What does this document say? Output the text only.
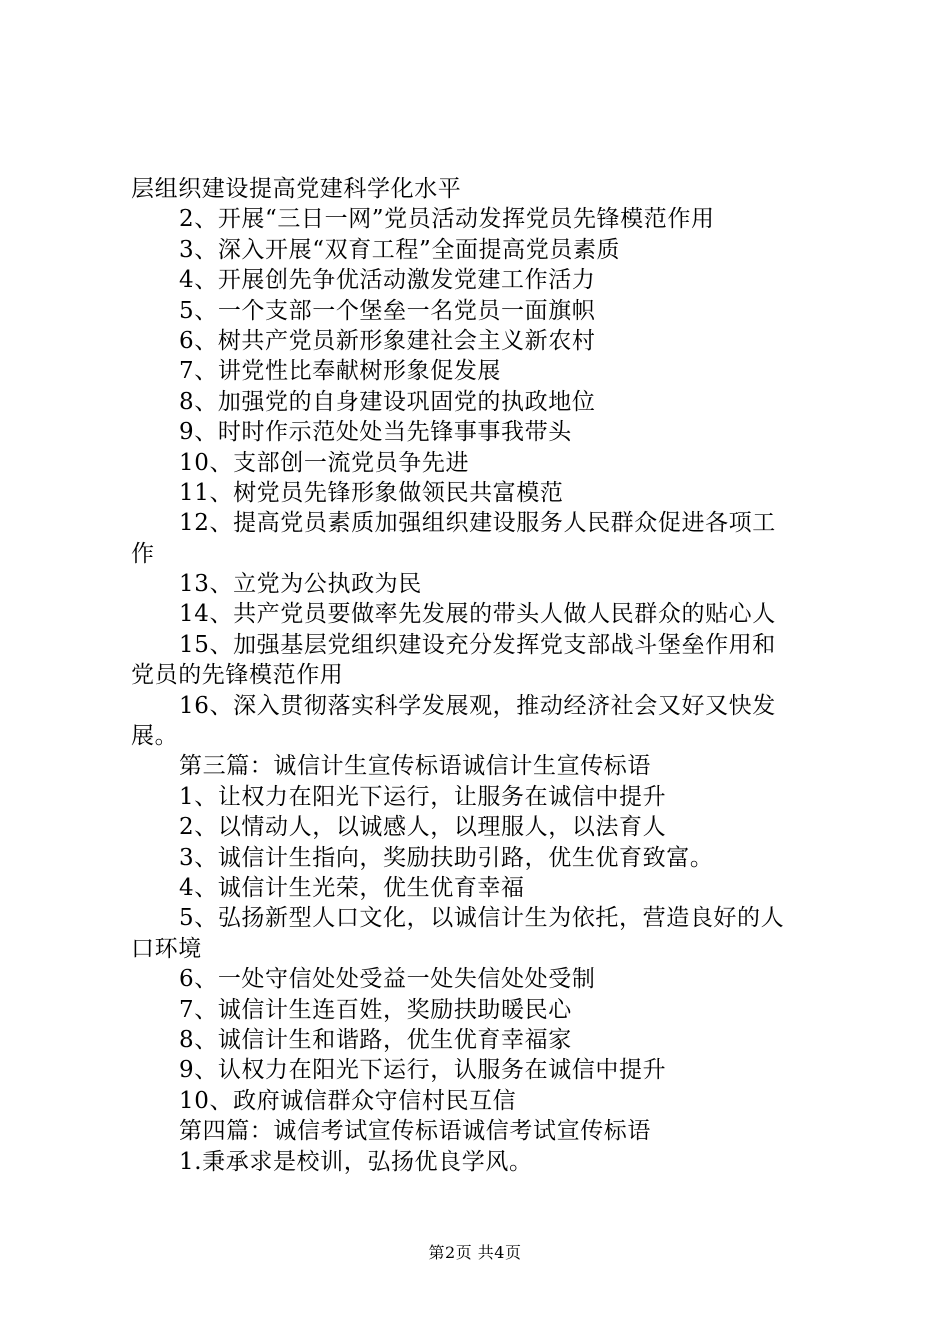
层组织建设提高党建科学化水平
2、开展“三日一网”党员活动发挥党员先锋模范作用
3、深入开展“双育工程”全面提高党员素质
4、开展创先争优活动激发党建工作活力
5、一个支部一个堡垒一名党员一面旗帜
6、树共产党员新形象建社会主义新农村
7、讲党性比奉献树形象促发展
8、加强党的自身建设巩固党的执政地位
9、时时作示范处处当先锋事事我带头
10、支部创一流党员争先进
11、树党员先锋形象做领民共富模范
12、提高党员素质加强组织建设服务人民群众促进各项工
作
13、立党为公执政为民
14、共产党员要做率先发展的带头人做人民群众的贴心人
15、加强基层党组织建设充分发挥党支部战斗堡垒作用和
党员的先锋模范作用
16、深入贯彻落实科学发展观，推动经济社会又好又快发
展。
第三篇：诚信计生宣传标语诚信计生宣传标语
1、让权力在阳光下运行，让服务在诚信中提升
2、以情动人，以诚感人，以理服人，以法育人
3、诚信计生指向，奖励扶助引路，优生优育致富。
4、诚信计生光荣，优生优育幸福
5、弘扬新型人口文化，以诚信计生为依托，营造良好的人
口环境
6、一处守信处处受益一处失信处处受制
7、诚信计生连百姓，奖励扶助暖民心
8、诚信计生和谐路，优生优育幸福家
9、认权力在阳光下运行，认服务在诚信中提升
10、政府诚信群众守信村民互信
第四篇：诚信考试宣传标语诚信考试宣传标语
1.秉承求是校训，弘扬优良学风。
第2页 共4页
